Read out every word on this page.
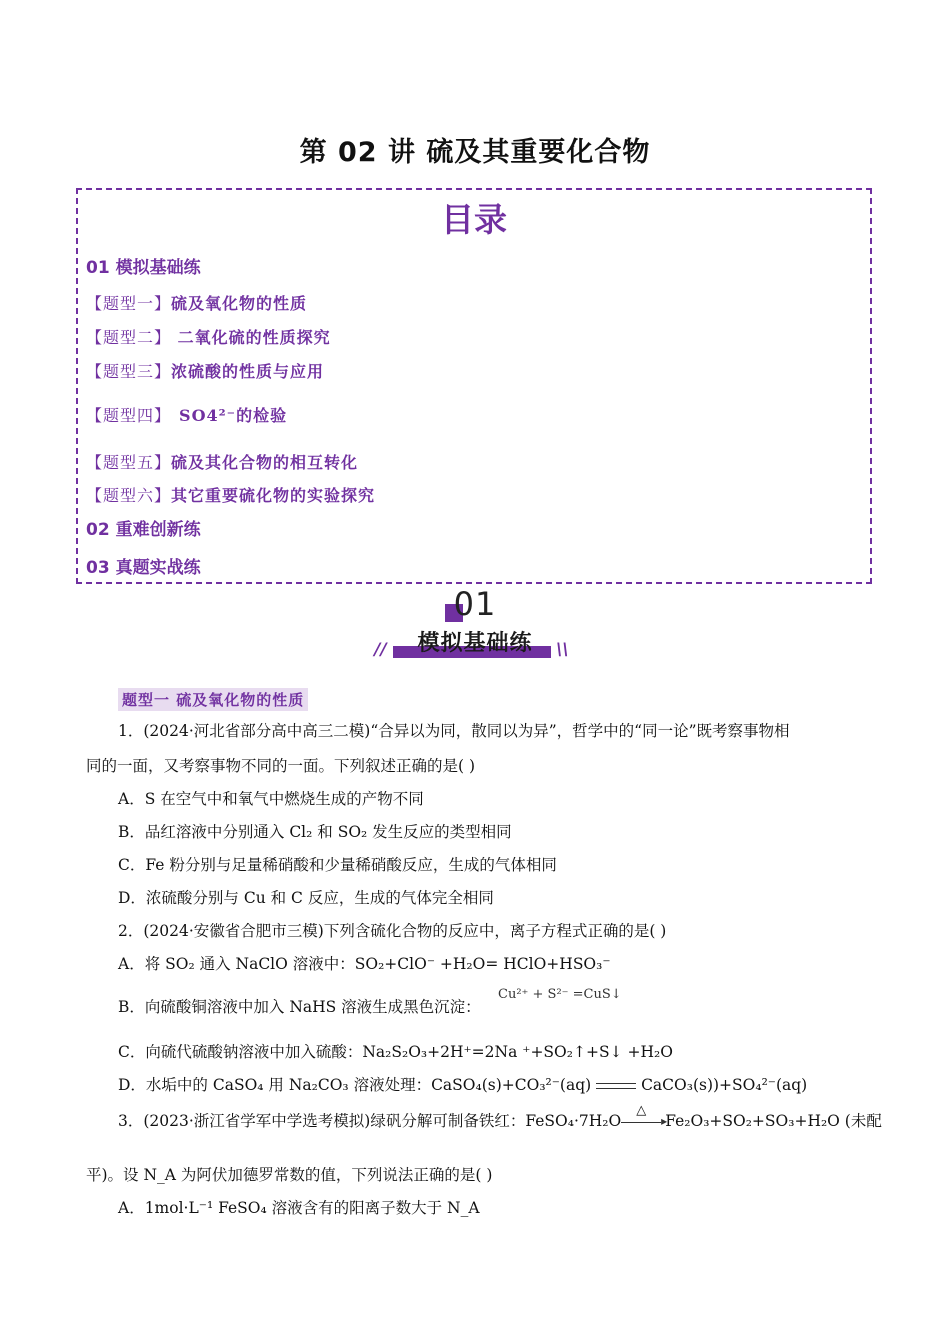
第 02 讲 硫及其重要化合物
目录
01 模拟基础练
【题型一】硫及氧化物的性质
【题型二】 二氧化硫的性质探究
【题型三】浓硫酸的性质与应用
【题型四】 SO4²⁻的检验
【题型五】硫及其化合物的相互转化
【题型六】其它重要硫化物的实验探究
02 重难创新练
03 真题实战练
01
模拟基础练
//	\\
题型一 硫及氧化物的性质
1．(2024·河北省部分高中高三二模)“合异以为同，散同以为异”，哲学中的“同一论”既考察事物相
同的一面，又考察事物不同的一面。下列叙述正确的是( )
A．S 在空气中和氧气中燃烧生成的产物不同
B．品红溶液中分别通入 Cl₂ 和 SO₂ 发生反应的类型相同
C．Fe 粉分别与足量稀硝酸和少量稀硝酸反应，生成的气体相同
D．浓硫酸分别与 Cu 和 C 反应，生成的气体完全相同
2．(2024·安徽省合肥市三模)下列含硫化合物的反应中，离子方程式正确的是( )
A．将 SO₂ 通入 NaClO 溶液中：SO₂+ClO⁻ +H₂O= HClO+HSO₃⁻
B．向硫酸铜溶液中加入 NaHS 溶液生成黑色沉淀：
Cu²⁺ + S²⁻ =CuS↓
C．向硫代硫酸钠溶液中加入硫酸：Na₂S₂O₃+2H⁺=2Na ⁺+SO₂↑+S↓ +H₂O
D．水垢中的 CaSO₄ 用 Na₂CO₃ 溶液处理：CaSO₄(s)+CO₃²⁻(aq)	CaCO₃(s))+SO₄²⁻(aq)
3．(2023·浙江省学军中学选考模拟)绿矾分解可制备铁红：FeSO₄·7H₂O
△
▸Fe₂O₃+SO₂+SO₃+H₂O (未配
平)。设 N_A 为阿伏加德罗常数的值，下列说法正确的是( )
A．1mol·L⁻¹ FeSO₄ 溶液含有的阳离子数大于 N_A
